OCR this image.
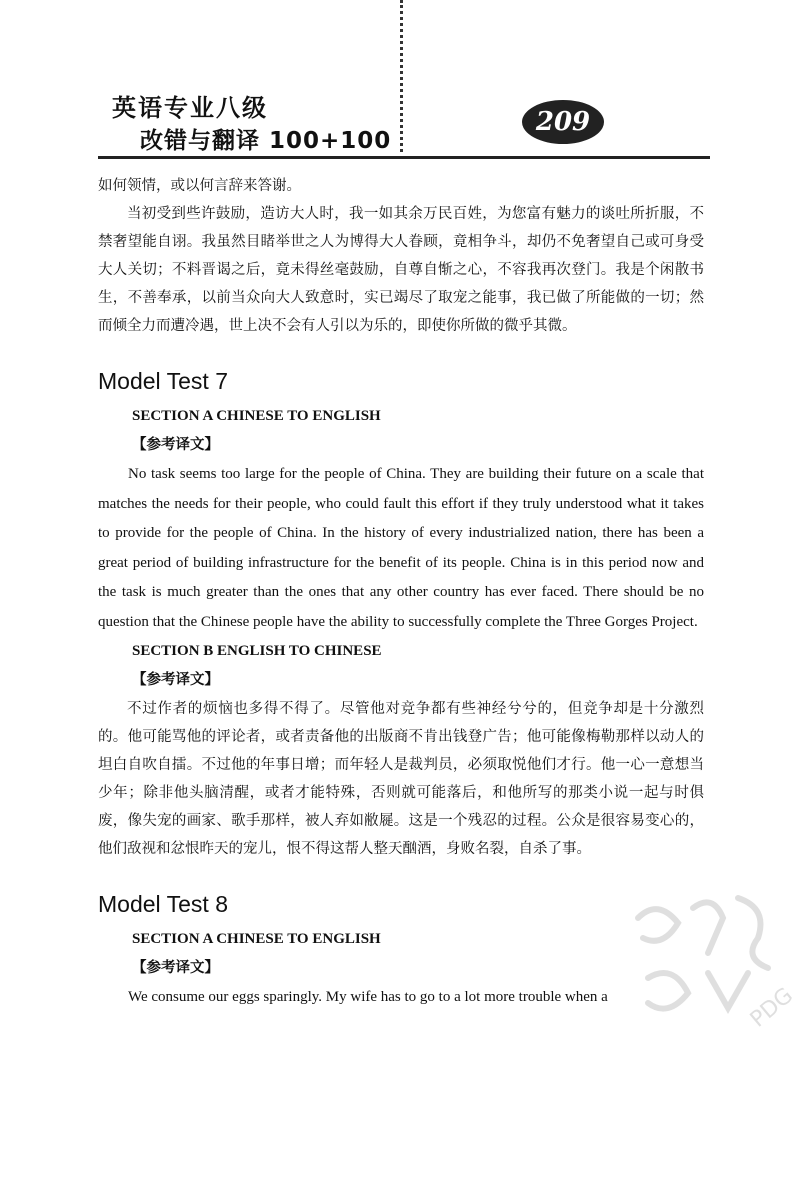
英语专业八级
改错与翻译 100+100
209

如何领情，或以何言辞来答谢。

当初受到些许鼓励，造访大人时，我一如其余万民百姓，为您富有魅力的谈吐所折服，不禁奢望能自诩。我虽然目睹举世之人为博得大人眷顾，竟相争斗，却仍不免奢望自己或可身受大人关切；不料晋谒之后，竟未得丝毫鼓励，自尊自惭之心，不容我再次登门。我是个闲散书生，不善奉承，以前当众向大人致意时，实已竭尽了取宠之能事，我已做了所能做的一切；然而倾全力而遭冷遇，世上决不会有人引以为乐的，即使你所做的微乎其微。

Model Test 7
SECTION A CHINESE TO ENGLISH
【参考译文】

No task seems too large for the people of China. They are building their future on a scale that matches the needs for their people, who could fault this effort if they truly understood what it takes to provide for the people of China. In the history of every industrialized nation, there has been a great period of building infrastructure for the benefit of its people. China is in this period now and the task is much greater than the ones that any other country has ever faced. There should be no question that the Chinese people have the ability to successfully complete the Three Gorges Project.

SECTION B ENGLISH TO CHINESE
【参考译文】

不过作者的烦恼也多得不得了。尽管他对竞争都有些神经兮兮的，但竞争却是十分激烈的。他可能骂他的评论者，或者责备他的出版商不肯出钱登广告；他可能像梅勒那样以动人的坦白自吹自擂。不过他的年事日增；而年轻人是裁判员，必须取悦他们才行。他一心一意想当少年；除非他头脑清醒，或者才能特殊，否则就可能落后，和他所写的那类小说一起与时俱废，像失宠的画家、歌手那样，被人弃如敝屣。这是一个残忍的过程。公众是很容易变心的，他们敌视和忿恨昨天的宠儿，恨不得这帮人整天酗酒，身败名裂，自杀了事。

Model Test 8
SECTION A CHINESE TO ENGLISH
【参考译文】

We consume our eggs sparingly. My wife has to go to a lot more trouble when a	PDG
